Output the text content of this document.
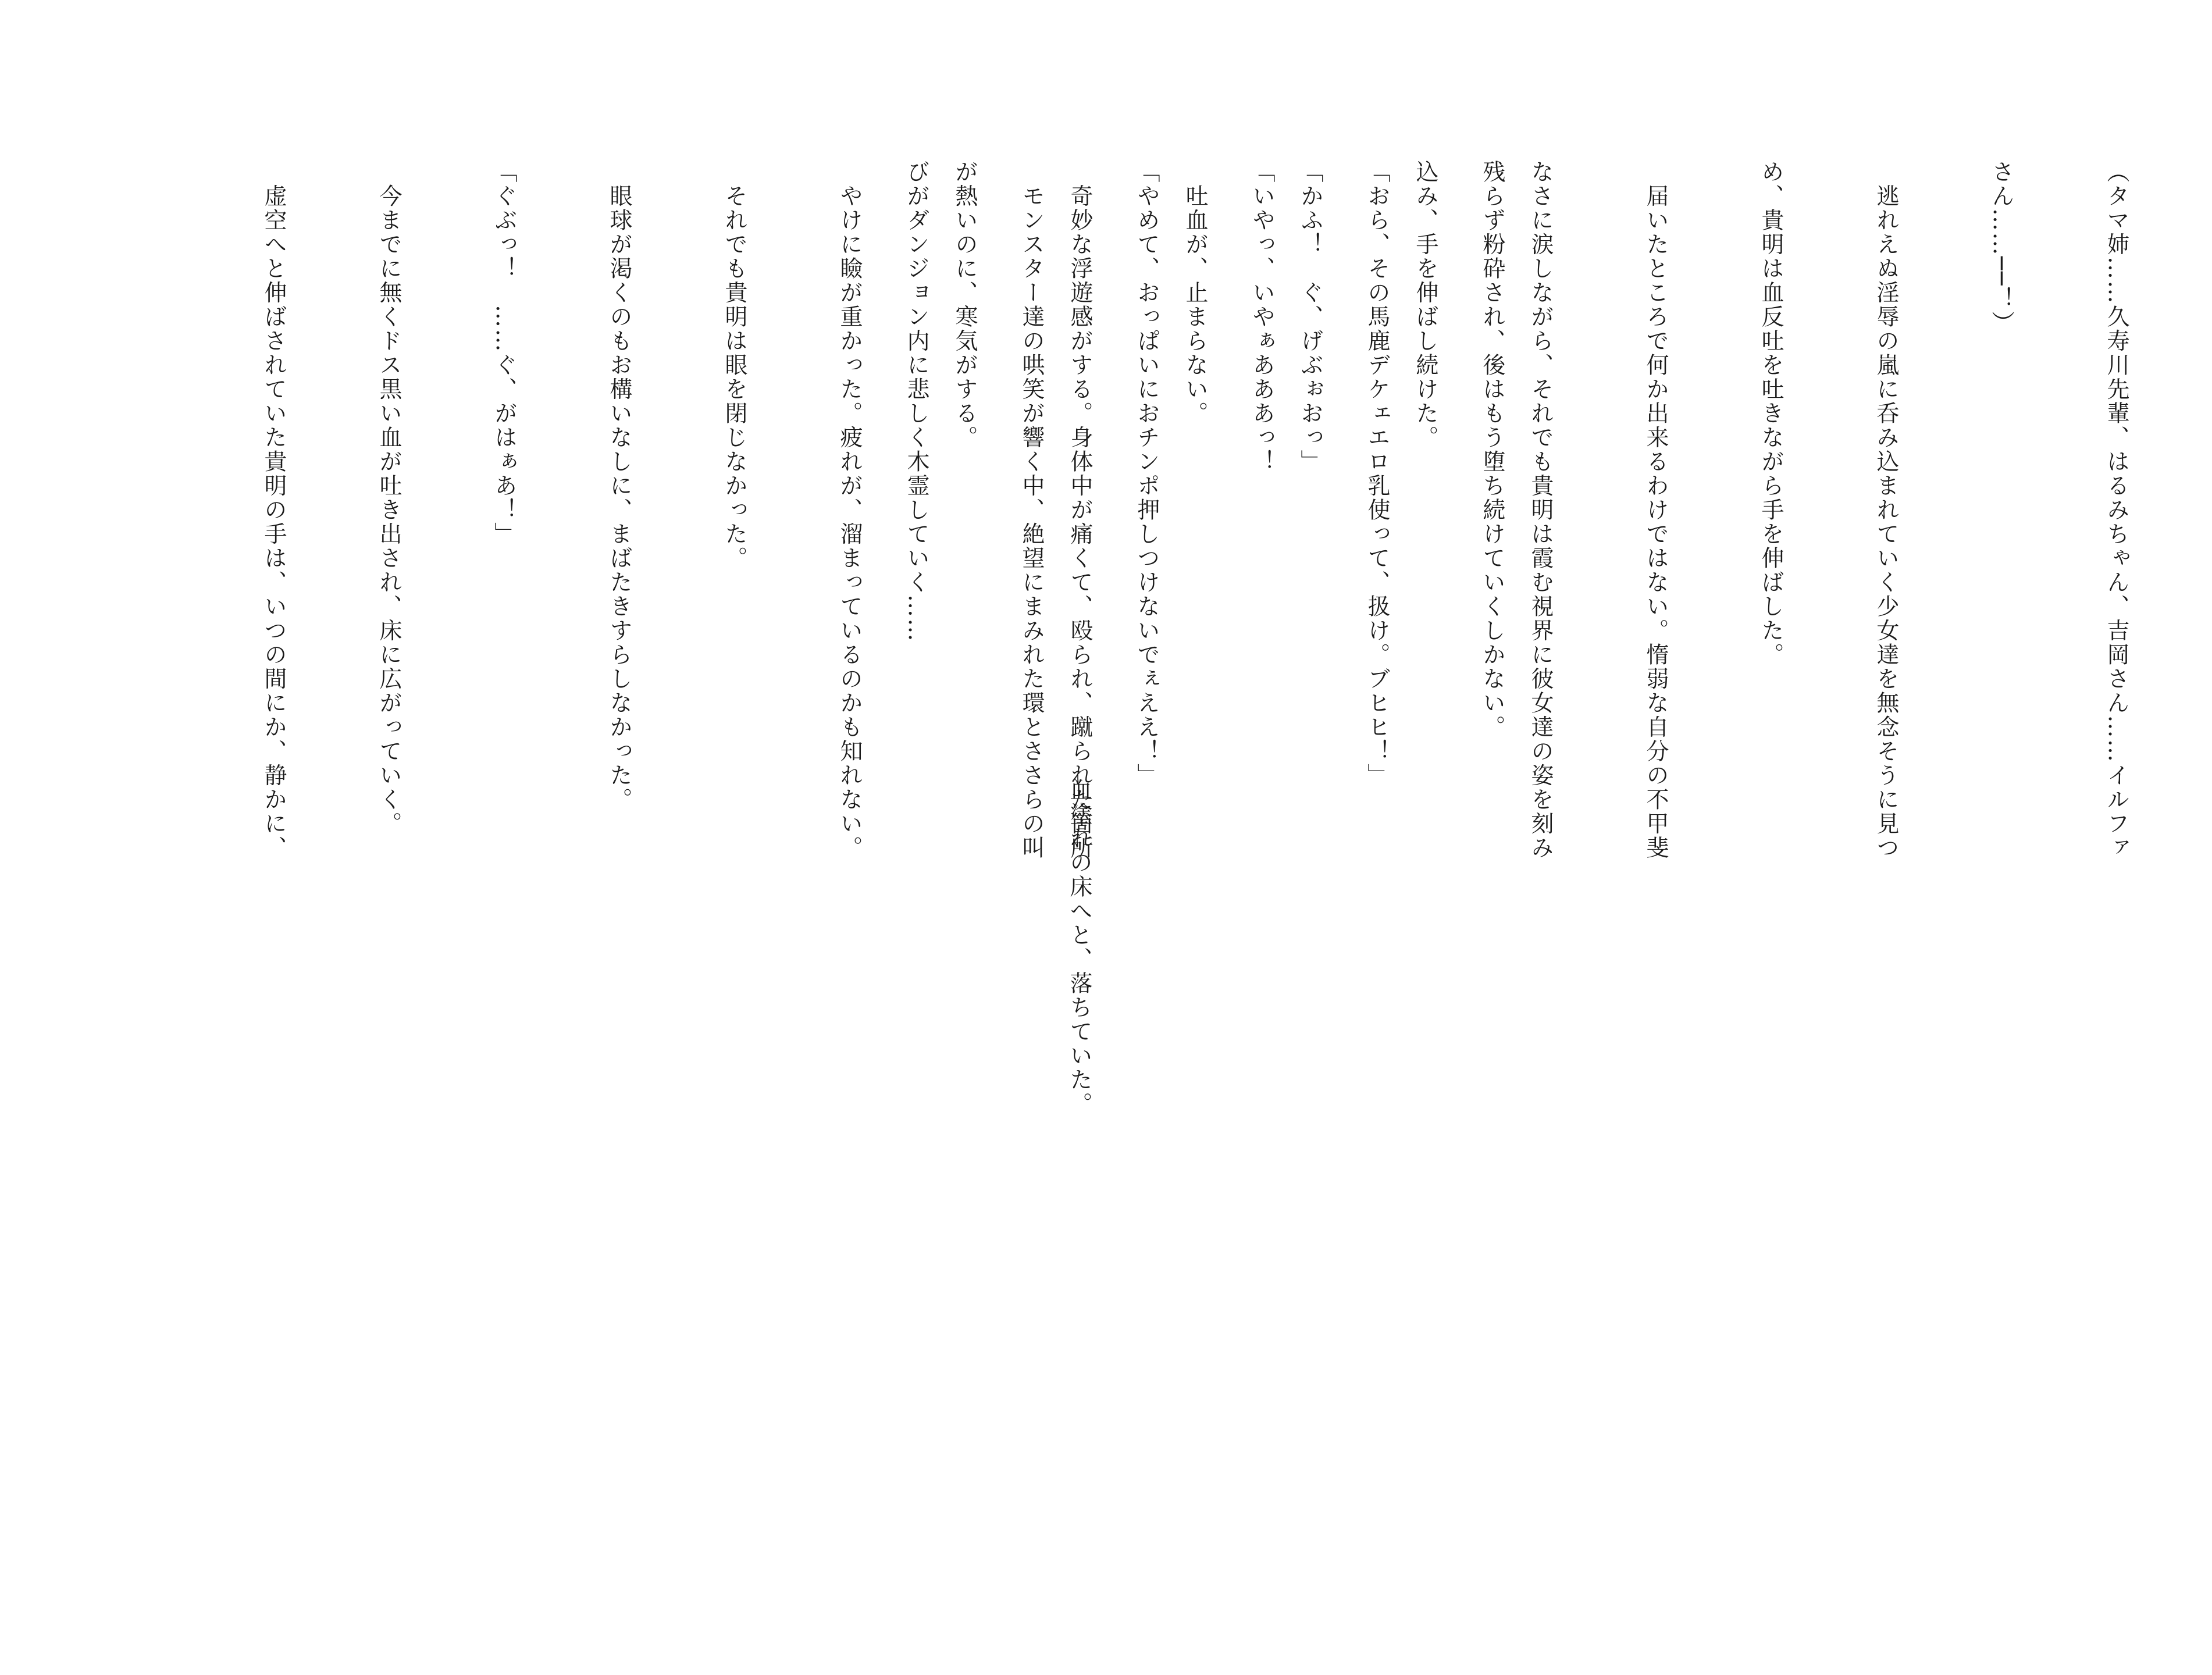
血塗れの床へと、落ちていた。

残らず粉砕され、後はもう堕ち続けていくしかない。

「おら、その馬鹿デケェエロ乳使って、扱け。ブヒヒ！」

「いやっ、いやぁあああっ！

「やめて、おっぱいにおチンポ押しつけないでぇええ！」

　モンスター達の哄笑が響く中、絶望にまみれた環とささらの叫

びがダンジョン内に悲しく木霊していく……

	（タマ姉……久寿川先輩、はるみちゃん、吉岡さん……イルファ

さん……──！）

　逃れえぬ淫辱の嵐に呑み込まれていく少女達を無念そうに見つ

め、貴明は血反吐を吐きながら手を伸ばした。

　届いたところで何か出来るわけではない。惰弱な自分の不甲斐

なさに涙しながら、それでも貴明は霞む視界に彼女達の姿を刻み

込み、手を伸ばし続けた。

「かふ！　ぐ、げぶぉおっ」

　吐血が、止まらない。

　奇妙な浮遊感がする。身体中が痛くて、殴られ、蹴られた箇所

が熱いのに、寒気がする。

　やけに瞼が重かった。疲れが、溜まっているのかも知れない。

　それでも貴明は眼を閉じなかった。

　眼球が渇くのもお構いなしに、まばたきすらしなかった。

「ぐぶっ！　……ぐ、がはぁあ！」

　今までに無くドス黒い血が吐き出され、床に広がっていく。

　虚空へと伸ばされていた貴明の手は、いつの間にか、静かに、
